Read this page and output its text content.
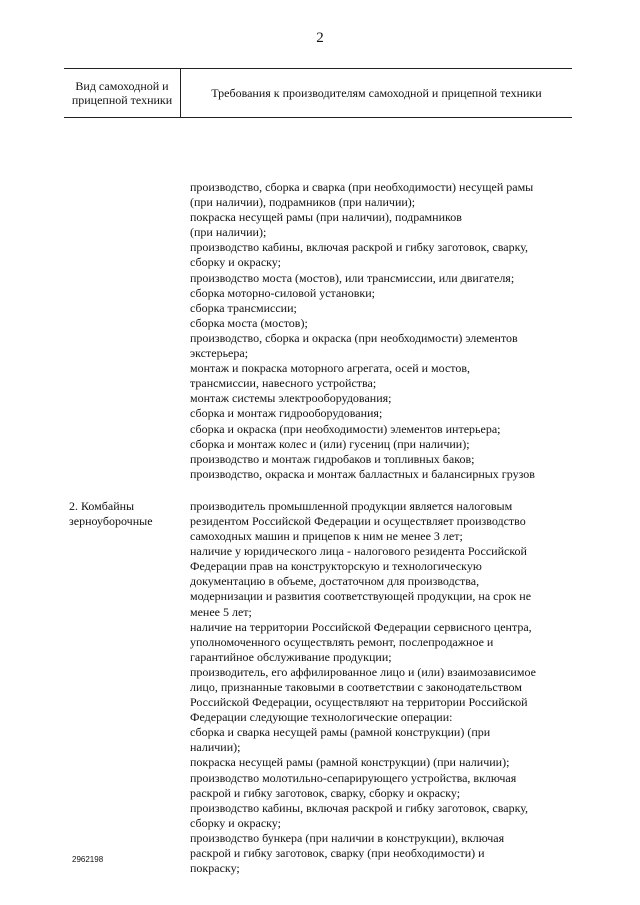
2
Вид самоходной и прицепной техники	Требования к производителям самоходной и прицепной техники
производство, сборка и сварка (при необходимости) несущей рамы
(при наличии), подрамников (при наличии);
покраска несущей рамы (при наличии), подрамников
(при наличии);
производство кабины, включая раскрой и гибку заготовок, сварку,
сборку и окраску;
производство моста (мостов), или трансмиссии, или двигателя;
сборка моторно-силовой установки;
сборка трансмиссии;
сборка моста (мостов);
производство, сборка и окраска (при необходимости) элементов
экстерьера;
монтаж и покраска моторного агрегата, осей и мостов,
трансмиссии, навесного устройства;
монтаж системы электрооборудования;
сборка и монтаж гидрооборудования;
сборка и окраска (при необходимости) элементов интерьера;
сборка и монтаж колес и (или) гусениц (при наличии);
производство и монтаж гидробаков и топливных баков;
производство, окраска и монтаж балластных и балансирных грузов
2. Комбайны
зерноуборочные
производитель промышленной продукции является налоговым
резидентом Российской Федерации и осуществляет производство
самоходных машин и прицепов к ним не менее 3 лет;
наличие у юридического лица - налогового резидента Российской
Федерации прав на конструкторскую и технологическую
документацию в объеме, достаточном для производства,
модернизации и развития соответствующей продукции, на срок не
менее 5 лет;
наличие на территории Российской Федерации сервисного центра,
уполномоченного осуществлять ремонт, послепродажное и
гарантийное обслуживание продукции;
производитель, его аффилированное лицо и (или) взаимозависимое
лицо, признанные таковыми в соответствии с законодательством
Российской Федерации, осуществляют на территории Российской
Федерации следующие технологические операции:
сборка и сварка несущей рамы (рамной конструкции) (при
наличии);
покраска несущей рамы (рамной конструкции) (при наличии);
производство молотильно-сепарирующего устройства, включая
раскрой и гибку заготовок, сварку, сборку и окраску;
производство кабины, включая раскрой и гибку заготовок, сварку,
сборку и окраску;
производство бункера (при наличии в конструкции), включая
раскрой и гибку заготовок, сварку (при необходимости) и
покраску;
2962198
